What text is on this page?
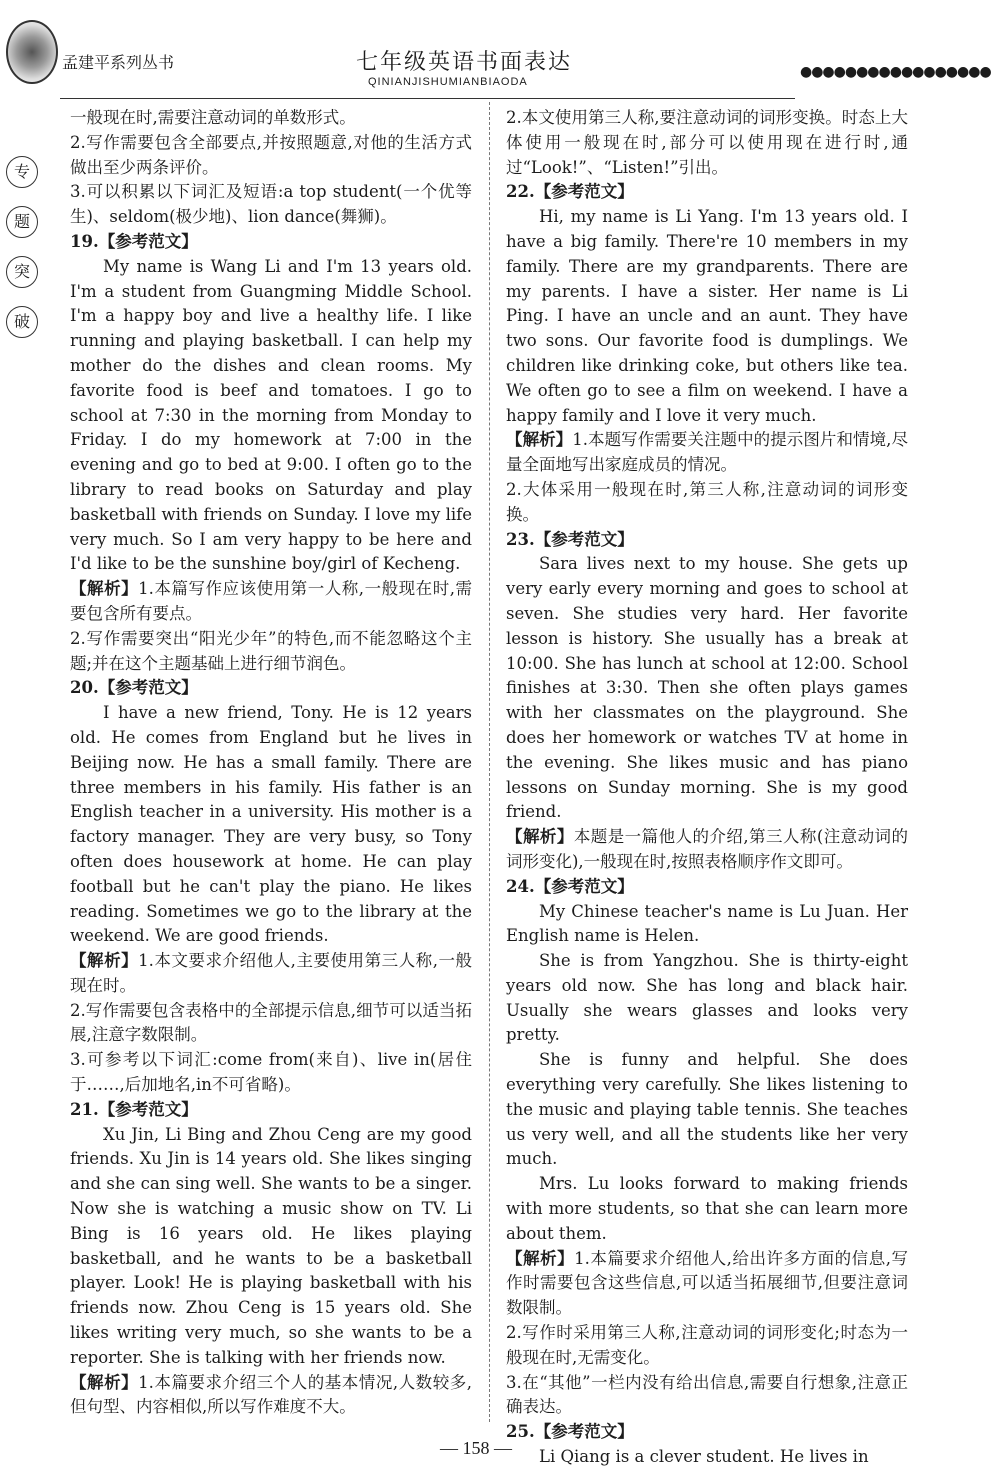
孟建平系列丛书	七年级英语书面表达
QINIANJISHUMIANBIAODA
●●●●●●●●●●●●●●●●●
专
题
突
破

一般现在时,需要注意动词的单数形式。

2.写作需要包含全部要点,并按照题意,对他的生活方式做出至少两条评价。

3.可以积累以下词汇及短语:a top student(一个优等生)、seldom(极少地)、lion dance(舞狮)。

19.【参考范文】

My name is Wang Li and I'm 13 years old. I'm a student from Guangming Middle School. I'm a happy boy and live a healthy life. I like running and playing basketball. I can help my mother do the dishes and clean rooms. My favorite food is beef and tomatoes. I go to school at 7:30 in the morning from Monday to Friday. I do my homework at 7:00 in the evening and go to bed at 9:00. I often go to the library to read books on Saturday and play basketball with friends on Sunday. I love my life very much. So I am very happy to be here and I'd like to be the sunshine boy/girl of Kecheng.

【解析】1.本篇写作应该使用第一人称,一般现在时,需要包含所有要点。

2.写作需要突出“阳光少年”的特色,而不能忽略这个主题;并在这个主题基础上进行细节润色。

20.【参考范文】

I have a new friend, Tony. He is 12 years old. He comes from England but he lives in Beijing now. He has a small family. There are three members in his family. His father is an English teacher in a university. His mother is a factory manager. They are very busy, so Tony often does housework at home. He can play football but he can't play the piano. He likes reading. Sometimes we go to the library at the weekend. We are good friends.

【解析】1.本文要求介绍他人,主要使用第三人称,一般现在时。

2.写作需要包含表格中的全部提示信息,细节可以适当拓展,注意字数限制。

3.可参考以下词汇:come from(来自)、live in(居住于……,后加地名,in不可省略)。

21.【参考范文】

Xu Jin, Li Bing and Zhou Ceng are my good friends. Xu Jin is 14 years old. She likes singing and she can sing well. She wants to be a singer. Now she is watching a music show on TV. Li Bing is 16 years old. He likes playing basketball, and he wants to be a basketball player. Look! He is playing basketball with his friends now. Zhou Ceng is 15 years old. She likes writing very much, so she wants to be a reporter. She is talking with her friends now.

【解析】1.本篇要求介绍三个人的基本情况,人数较多,但句型、内容相似,所以写作难度不大。

2.本文使用第三人称,要注意动词的词形变换。时态上大体使用一般现在时,部分可以使用现在进行时,通过“Look!”、“Listen!”引出。

22.【参考范文】

Hi, my name is Li Yang. I'm 13 years old. I have a big family. There're 10 members in my family. There are my grandparents. There are my parents. I have a sister. Her name is Li Ping. I have an uncle and an aunt. They have two sons. Our favorite food is dumplings. We children like drinking coke, but others like tea. We often go to see a film on weekend. I have a happy family and I love it very much.

【解析】1.本题写作需要关注题中的提示图片和情境,尽量全面地写出家庭成员的情况。

2.大体采用一般现在时,第三人称,注意动词的词形变换。

23.【参考范文】

Sara lives next to my house. She gets up very early every morning and goes to school at seven. She studies very hard. Her favorite lesson is history. She usually has a break at 10:00. She has lunch at school at 12:00. School finishes at 3:30. Then she often plays games with her classmates on the playground. She does her homework or watches TV at home in the evening. She likes music and has piano lessons on Sunday morning. She is my good friend.

【解析】本题是一篇他人的介绍,第三人称(注意动词的词形变化),一般现在时,按照表格顺序作文即可。

24.【参考范文】

My Chinese teacher's name is Lu Juan. Her English name is Helen.

She is from Yangzhou. She is thirty-eight years old now. She has long and black hair. Usually she wears glasses and looks very pretty.

She is funny and helpful. She does everything very carefully. She likes listening to the music and playing table tennis. She teaches us very well, and all the students like her very much.

Mrs. Lu looks forward to making friends with more students, so that she can learn more about them.

【解析】1.本篇要求介绍他人,给出许多方面的信息,写作时需要包含这些信息,可以适当拓展细节,但要注意词数限制。

2.写作时采用第三人称,注意动词的词形变化;时态为一般现在时,无需变化。

3.在“其他”一栏内没有给出信息,需要自行想象,注意正确表达。

25.【参考范文】

Li Qiang is a clever student. He lives in

— 158 —
